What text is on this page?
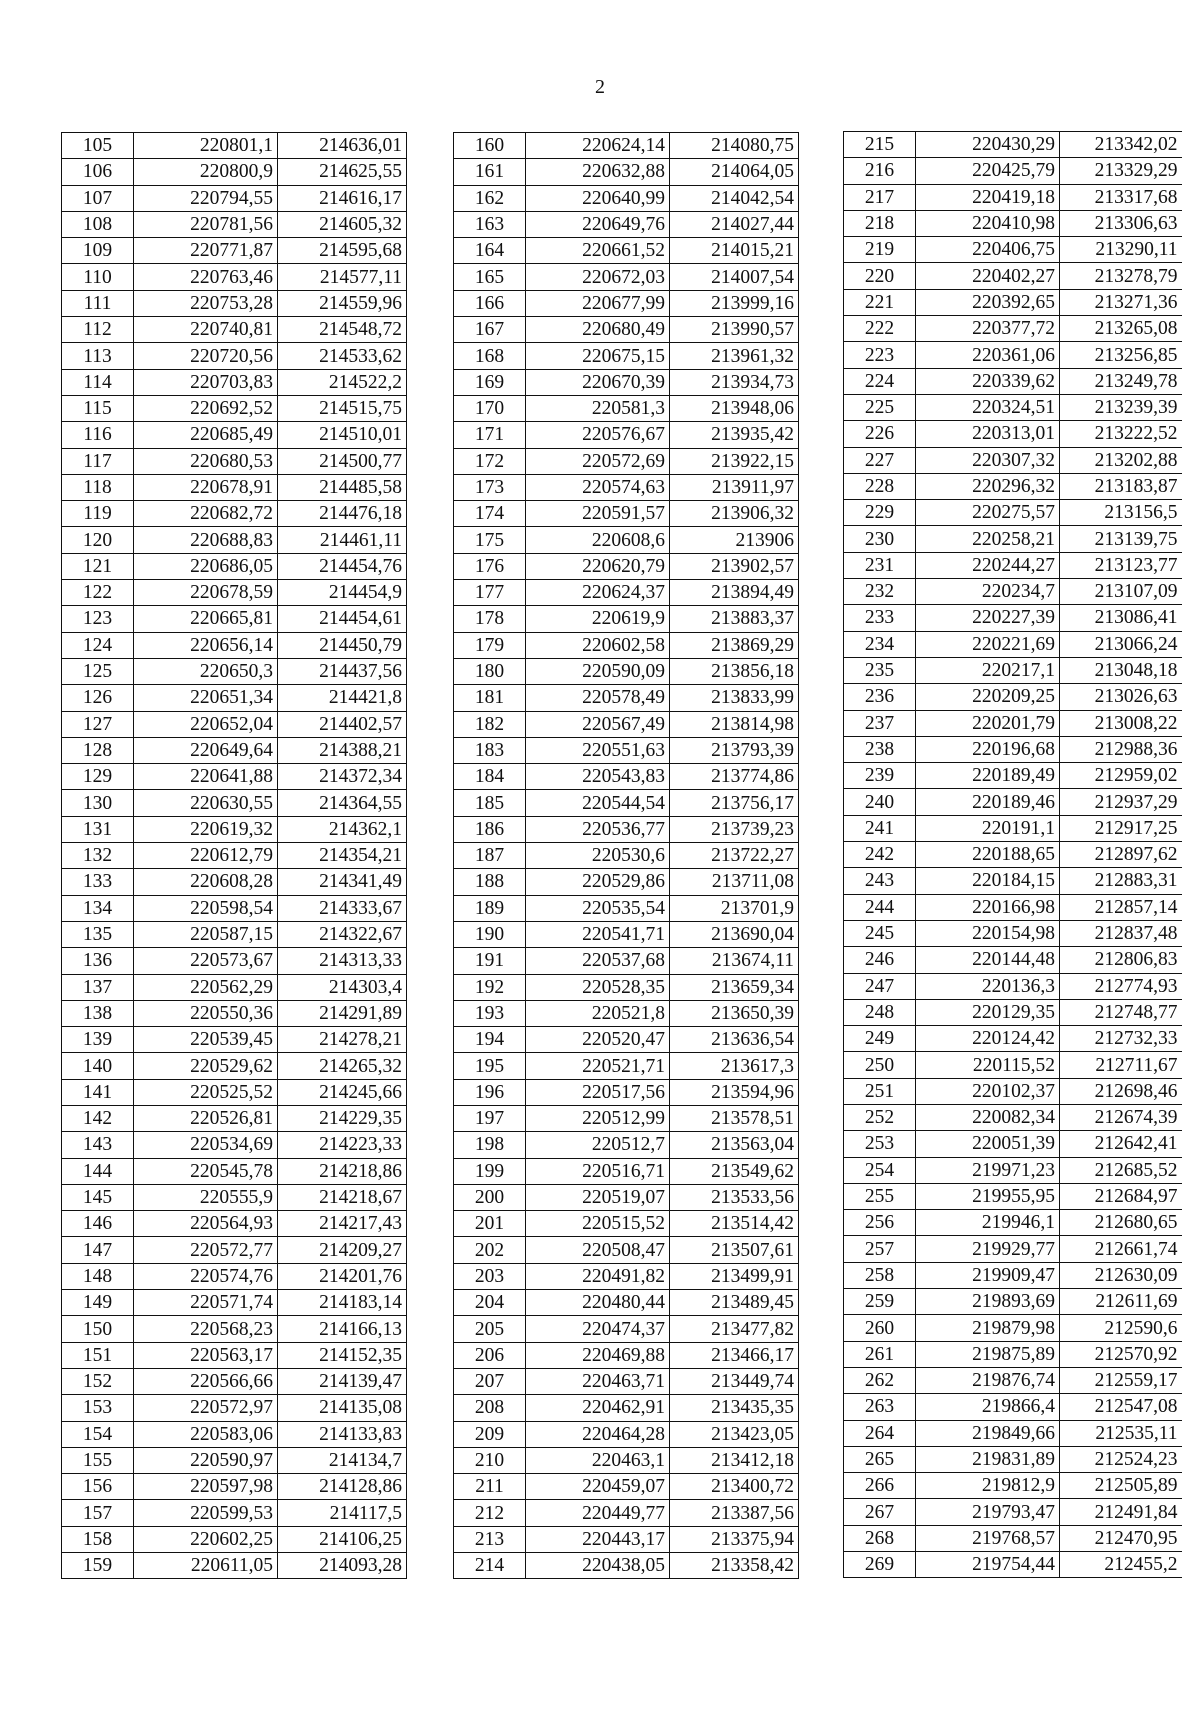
2
105	220801,1	214636,01
106	220800,9	214625,55
107	220794,55	214616,17
108	220781,56	214605,32
109	220771,87	214595,68
110	220763,46	214577,11
111	220753,28	214559,96
112	220740,81	214548,72
113	220720,56	214533,62
114	220703,83	214522,2
115	220692,52	214515,75
116	220685,49	214510,01
117	220680,53	214500,77
118	220678,91	214485,58
119	220682,72	214476,18
120	220688,83	214461,11
121	220686,05	214454,76
122	220678,59	214454,9
123	220665,81	214454,61
124	220656,14	214450,79
125	220650,3	214437,56
126	220651,34	214421,8
127	220652,04	214402,57
128	220649,64	214388,21
129	220641,88	214372,34
130	220630,55	214364,55
131	220619,32	214362,1
132	220612,79	214354,21
133	220608,28	214341,49
134	220598,54	214333,67
135	220587,15	214322,67
136	220573,67	214313,33
137	220562,29	214303,4
138	220550,36	214291,89
139	220539,45	214278,21
140	220529,62	214265,32
141	220525,52	214245,66
142	220526,81	214229,35
143	220534,69	214223,33
144	220545,78	214218,86
145	220555,9	214218,67
146	220564,93	214217,43
147	220572,77	214209,27
148	220574,76	214201,76
149	220571,74	214183,14
150	220568,23	214166,13
151	220563,17	214152,35
152	220566,66	214139,47
153	220572,97	214135,08
154	220583,06	214133,83
155	220590,97	214134,7
156	220597,98	214128,86
157	220599,53	214117,5
158	220602,25	214106,25
159	220611,05	214093,28
160	220624,14	214080,75
161	220632,88	214064,05
162	220640,99	214042,54
163	220649,76	214027,44
164	220661,52	214015,21
165	220672,03	214007,54
166	220677,99	213999,16
167	220680,49	213990,57
168	220675,15	213961,32
169	220670,39	213934,73
170	220581,3	213948,06
171	220576,67	213935,42
172	220572,69	213922,15
173	220574,63	213911,97
174	220591,57	213906,32
175	220608,6	213906
176	220620,79	213902,57
177	220624,37	213894,49
178	220619,9	213883,37
179	220602,58	213869,29
180	220590,09	213856,18
181	220578,49	213833,99
182	220567,49	213814,98
183	220551,63	213793,39
184	220543,83	213774,86
185	220544,54	213756,17
186	220536,77	213739,23
187	220530,6	213722,27
188	220529,86	213711,08
189	220535,54	213701,9
190	220541,71	213690,04
191	220537,68	213674,11
192	220528,35	213659,34
193	220521,8	213650,39
194	220520,47	213636,54
195	220521,71	213617,3
196	220517,56	213594,96
197	220512,99	213578,51
198	220512,7	213563,04
199	220516,71	213549,62
200	220519,07	213533,56
201	220515,52	213514,42
202	220508,47	213507,61
203	220491,82	213499,91
204	220480,44	213489,45
205	220474,37	213477,82
206	220469,88	213466,17
207	220463,71	213449,74
208	220462,91	213435,35
209	220464,28	213423,05
210	220463,1	213412,18
211	220459,07	213400,72
212	220449,77	213387,56
213	220443,17	213375,94
214	220438,05	213358,42
215	220430,29	213342,02
216	220425,79	213329,29
217	220419,18	213317,68
218	220410,98	213306,63
219	220406,75	213290,11
220	220402,27	213278,79
221	220392,65	213271,36
222	220377,72	213265,08
223	220361,06	213256,85
224	220339,62	213249,78
225	220324,51	213239,39
226	220313,01	213222,52
227	220307,32	213202,88
228	220296,32	213183,87
229	220275,57	213156,5
230	220258,21	213139,75
231	220244,27	213123,77
232	220234,7	213107,09
233	220227,39	213086,41
234	220221,69	213066,24
235	220217,1	213048,18
236	220209,25	213026,63
237	220201,79	213008,22
238	220196,68	212988,36
239	220189,49	212959,02
240	220189,46	212937,29
241	220191,1	212917,25
242	220188,65	212897,62
243	220184,15	212883,31
244	220166,98	212857,14
245	220154,98	212837,48
246	220144,48	212806,83
247	220136,3	212774,93
248	220129,35	212748,77
249	220124,42	212732,33
250	220115,52	212711,67
251	220102,37	212698,46
252	220082,34	212674,39
253	220051,39	212642,41
254	219971,23	212685,52
255	219955,95	212684,97
256	219946,1	212680,65
257	219929,77	212661,74
258	219909,47	212630,09
259	219893,69	212611,69
260	219879,98	212590,6
261	219875,89	212570,92
262	219876,74	212559,17
263	219866,4	212547,08
264	219849,66	212535,11
265	219831,89	212524,23
266	219812,9	212505,89
267	219793,47	212491,84
268	219768,57	212470,95
269	219754,44	212455,2
